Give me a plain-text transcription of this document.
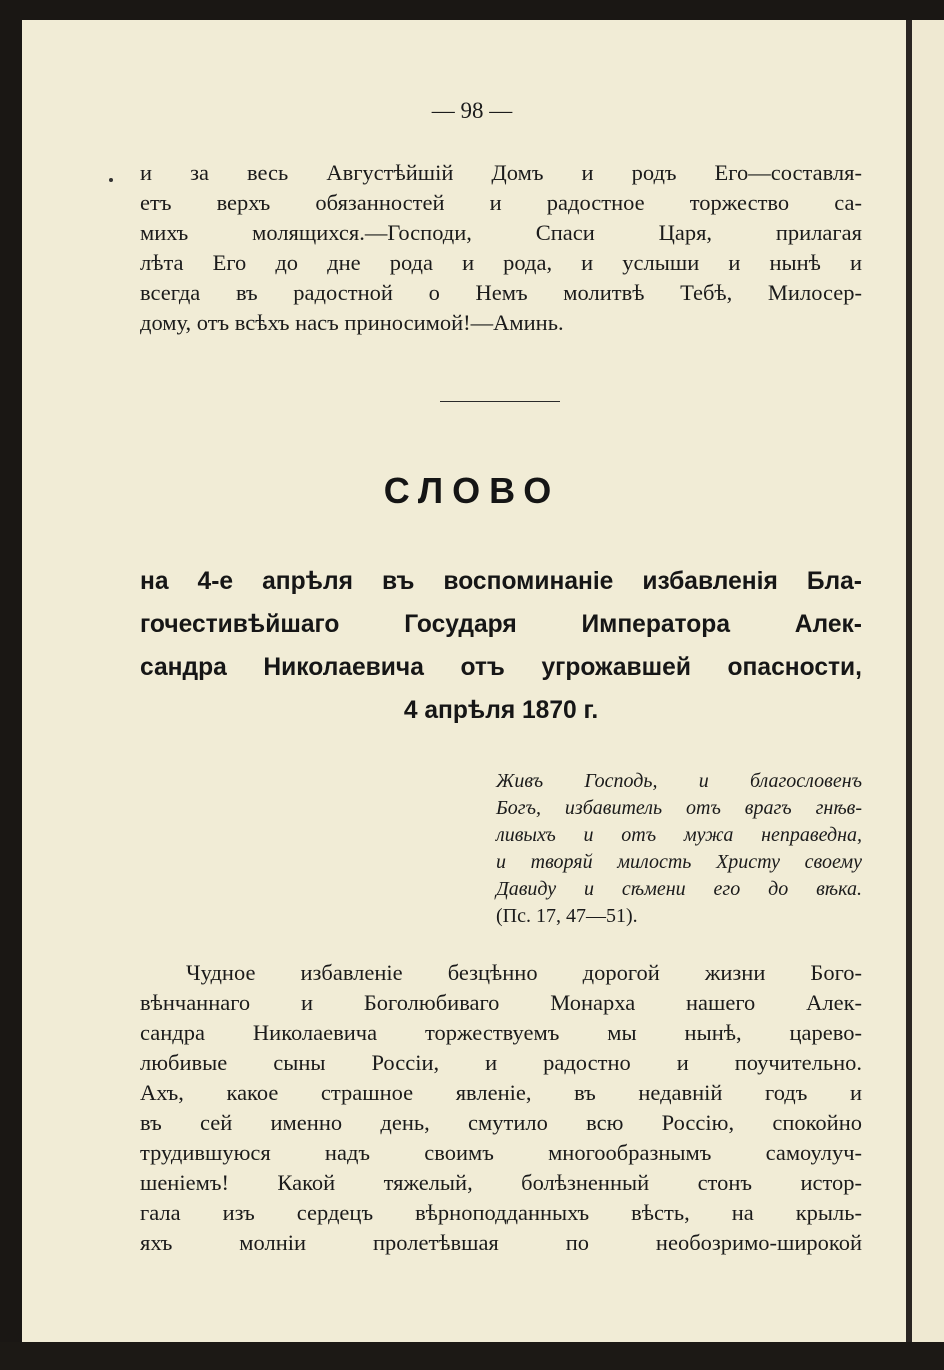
— 98 —
и за весь Августѣйшій Домъ и родъ Его—составля-
етъ верхъ обязанностей и радостное торжество са-
михъ молящихся.—Господи, Спаси Царя, прилагая
лѣта Его до дне рода и рода, и услыши и нынѣ и
всегда въ радостной о Немъ молитвѣ Тебѣ, Милосер-
дому, отъ всѣхъ насъ приносимой!—Аминь.
СЛОВО
на 4-е апрѣля въ воспоминаніе избавленія Бла-
гочестивѣйшаго Государя Императора Алек-
сандра Николаевича отъ угрожавшей опасности,
4 апрѣля 1870 г.
Живъ Господь, и благословенъ
Богъ, избавитель отъ врагъ гнѣв-
ливыхъ и отъ мужа неправедна,
и творяй милость Христу своему
Давиду и сѣмени его до вѣка.
(Пс. 17, 47—51).
Чудное избавленіе безцѣнно дорогой жизни Бого-
вѣнчаннаго и Боголюбиваго Монарха нашего Алек-
сандра Николаевича торжествуемъ мы нынѣ, царево-
любивые сыны Россіи, и радостно и поучительно.
Ахъ, какое страшное явленіе, въ недавній годъ и
въ сей именно день, смутило всю Россію, спокойно
трудившуюся надъ своимъ многообразнымъ самоулуч-
шеніемъ! Какой тяжелый, болѣзненный стонъ истор-
гала изъ сердецъ вѣрноподданныхъ вѣсть, на крыль-
яхъ молніи пролетѣвшая по необозримо-широкой
